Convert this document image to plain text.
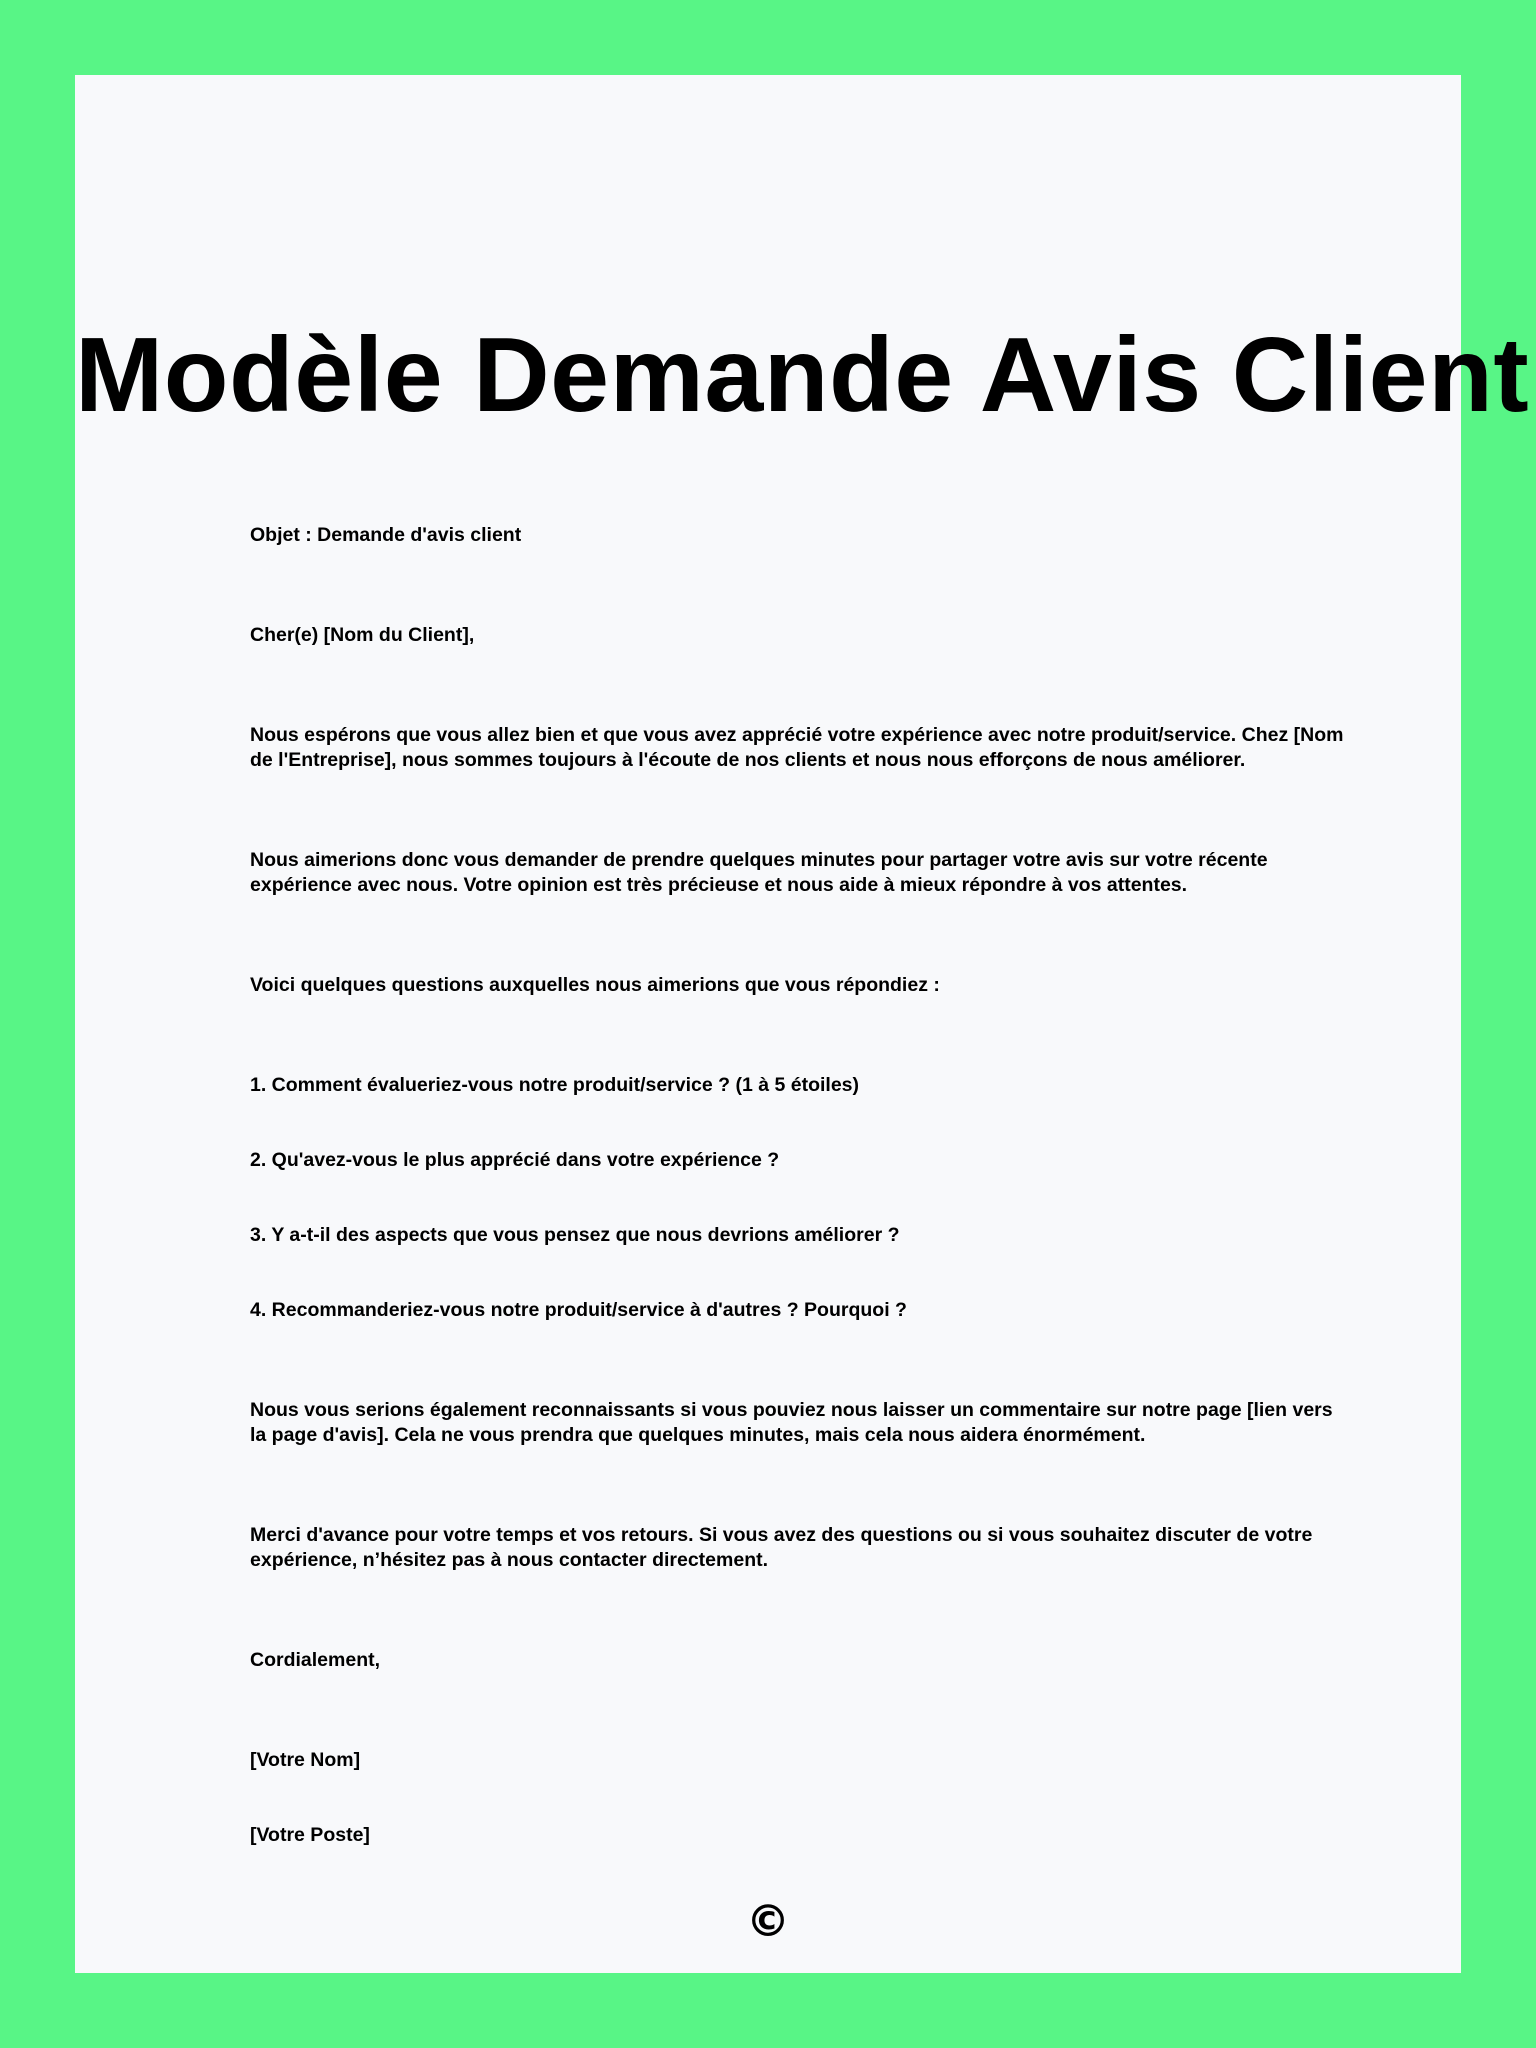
Modèle Demande Avis Client

Objet : Demande d'avis client

Cher(e) [Nom du Client],

Nous espérons que vous allez bien et que vous avez apprécié votre expérience avec notre produit/service. Chez [Nom de l'Entreprise], nous sommes toujours à l'écoute de nos clients et nous nous efforçons de nous améliorer.

Nous aimerions donc vous demander de prendre quelques minutes pour partager votre avis sur votre récente expérience avec nous. Votre opinion est très précieuse et nous aide à mieux répondre à vos attentes.

Voici quelques questions auxquelles nous aimerions que vous répondiez :

1. Comment évalueriez-vous notre produit/service ? (1 à 5 étoiles)

2. Qu'avez-vous le plus apprécié dans votre expérience ?

3. Y a-t-il des aspects que vous pensez que nous devrions améliorer ?

4. Recommanderiez-vous notre produit/service à d'autres ? Pourquoi ?

Nous vous serions également reconnaissants si vous pouviez nous laisser un commentaire sur notre page [lien vers la page d'avis]. Cela ne vous prendra que quelques minutes, mais cela nous aidera énormément.

Merci d'avance pour votre temps et vos retours. Si vous avez des questions ou si vous souhaitez discuter de votre expérience, n’hésitez pas à nous contacter directement.

Cordialement,

[Votre Nom]

[Votre Poste]

©
